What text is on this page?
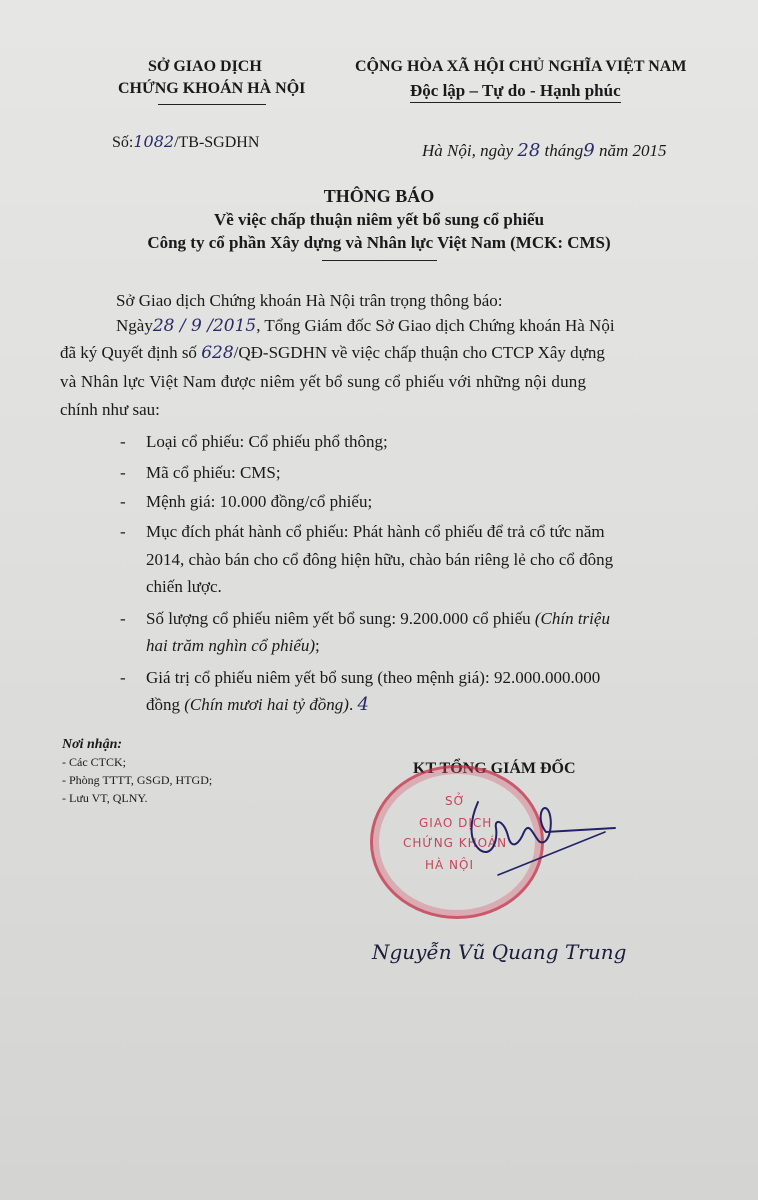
SỞ GIAO DỊCH
CHỨNG KHOÁN HÀ NỘI
CỘNG HÒA XÃ HỘI CHỦ NGHĨA VIỆT NAM
Độc lập – Tự do - Hạnh phúc
Số:1082/TB-SGDHN	Hà Nội, ngày 28 tháng9 năm 2015
THÔNG BÁO
Về việc chấp thuận niêm yết bổ sung cổ phiếu
Công ty cổ phần Xây dựng và Nhân lực Việt Nam (MCK: CMS)
Sở Giao dịch Chứng khoán Hà Nội trân trọng thông báo:
Ngày28 / 9 /2015, Tổng Giám đốc Sở Giao dịch Chứng khoán Hà Nội
đã ký Quyết định số 628/QĐ-SGDHN về việc chấp thuận cho CTCP Xây dựng
và Nhân lực Việt Nam được niêm yết bổ sung cổ phiếu với những nội dung
chính như sau:
- Loại cổ phiếu: Cổ phiếu phổ thông;
- Mã cổ phiếu: CMS;
- Mệnh giá: 10.000 đồng/cổ phiếu;
- Mục đích phát hành cổ phiếu: Phát hành cổ phiếu để trả cổ tức năm
2014, chào bán cho cổ đông hiện hữu, chào bán riêng lẻ cho cổ đông
chiến lược.
- Số lượng cổ phiếu niêm yết bổ sung: 9.200.000 cổ phiếu (Chín triệu
hai trăm nghìn cổ phiếu);
- Giá trị cổ phiếu niêm yết bổ sung (theo mệnh giá): 92.000.000.000
đồng (Chín mươi hai tỷ đồng). 4
Nơi nhận:
- Các CTCK;
- Phòng TTTT, GSGD, HTGD;
- Lưu VT, QLNY.
KT TỔNG GIÁM ĐỐC
SỞ
GIAO DỊCH
CHỨNG KHOÁN
HÀ NỘI
Nguyễn Vũ Quang Trung
